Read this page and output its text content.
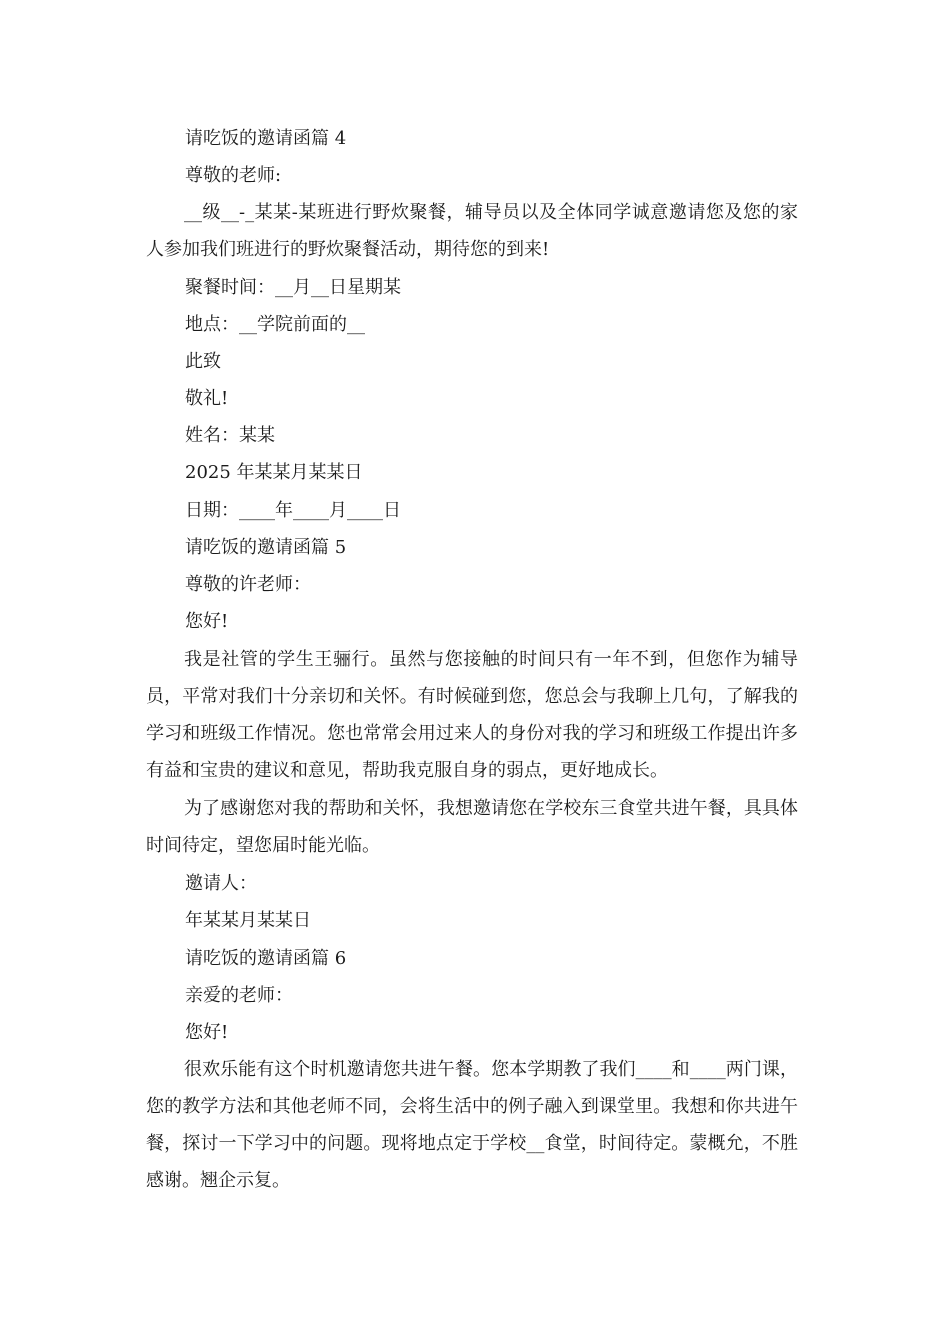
请吃饭的邀请函篇 4
尊敬的老师:

__级__-_某某-某班进行野炊聚餐，辅导员以及全体同学诚意邀请您及您的家人参加我们班进行的野炊聚餐活动，期待您的到来!

聚餐时间：__月__日星期某
地点：__学院前面的__
此致
敬礼!
姓名：某某
2025 年某某月某某日
日期：____年____月____日
请吃饭的邀请函篇 5
尊敬的许老师：
您好!

我是社管的学生王骊行。虽然与您接触的时间只有一年不到，但您作为辅导员，平常对我们十分亲切和关怀。有时候碰到您，您总会与我聊上几句，了解我的学习和班级工作情况。您也常常会用过来人的身份对我的学习和班级工作提出许多有益和宝贵的建议和意见，帮助我克服自身的弱点，更好地成长。

为了感谢您对我的帮助和关怀，我想邀请您在学校东三食堂共进午餐，具具体时间待定，望您届时能光临。

邀请人：
年某某月某某日
请吃饭的邀请函篇 6
亲爱的老师：
您好!

很欢乐能有这个时机邀请您共进午餐。您本学期教了我们____和____两门课，您的教学方法和其他老师不同，会将生活中的例子融入到课堂里。我想和你共进午餐，探讨一下学习中的问题。现将地点定于学校__食堂，时间待定。蒙概允，不胜感谢。翘企示复。
